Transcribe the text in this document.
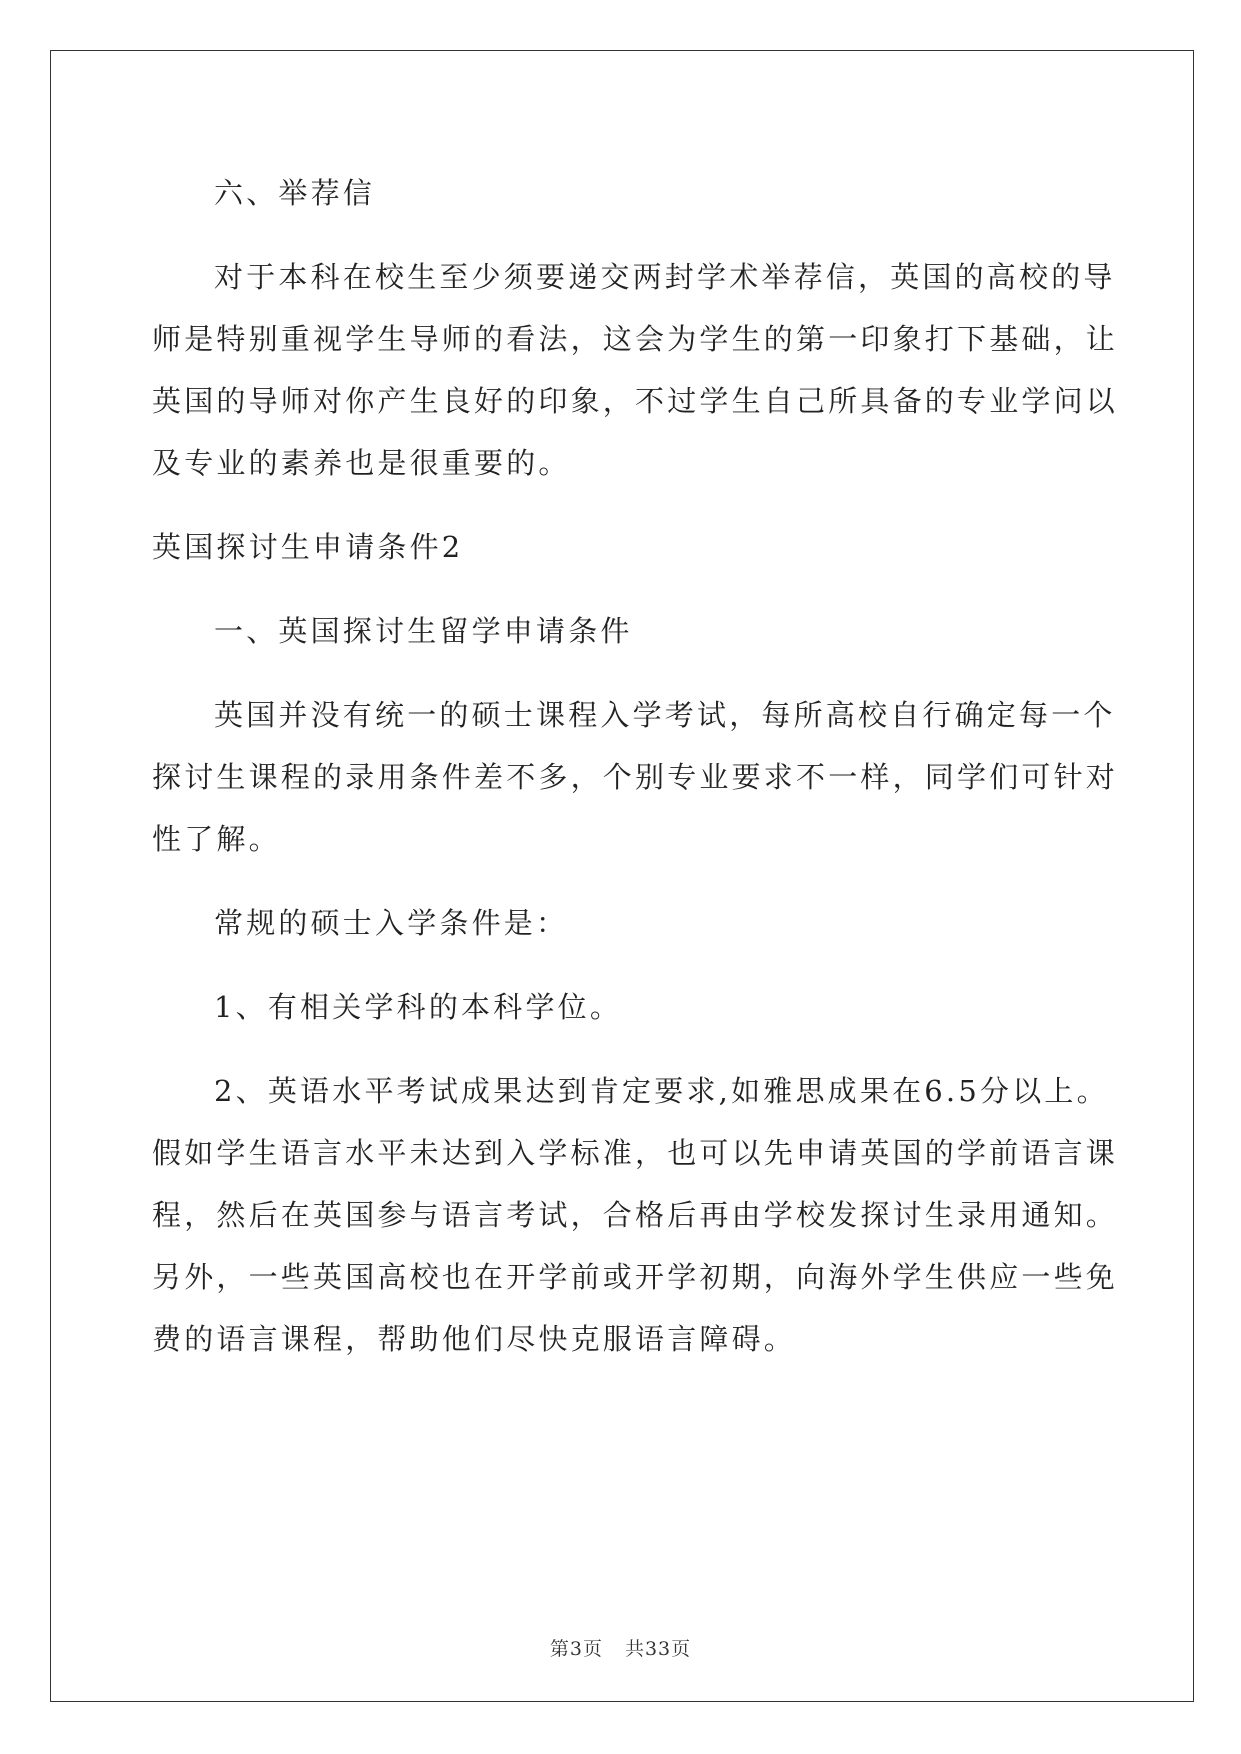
六、举荐信
对于本科在校生至少须要递交两封学术举荐信，英国的高校的导
师是特别重视学生导师的看法，这会为学生的第一印象打下基础，让
英国的导师对你产生良好的印象，不过学生自己所具备的专业学问以
及专业的素养也是很重要的。
英国探讨生申请条件2
一、英国探讨生留学申请条件
英国并没有统一的硕士课程入学考试，每所高校自行确定每一个
探讨生课程的录用条件差不多，个别专业要求不一样，同学们可针对
性了解。
常规的硕士入学条件是：
1、有相关学科的本科学位。
2、英语水平考试成果达到肯定要求,如雅思成果在6.5分以上。
假如学生语言水平未达到入学标准，也可以先申请英国的学前语言课
程，然后在英国参与语言考试，合格后再由学校发探讨生录用通知。
另外，一些英国高校也在开学前或开学初期，向海外学生供应一些免
费的语言课程，帮助他们尽快克服语言障碍。
第3页 共33页
